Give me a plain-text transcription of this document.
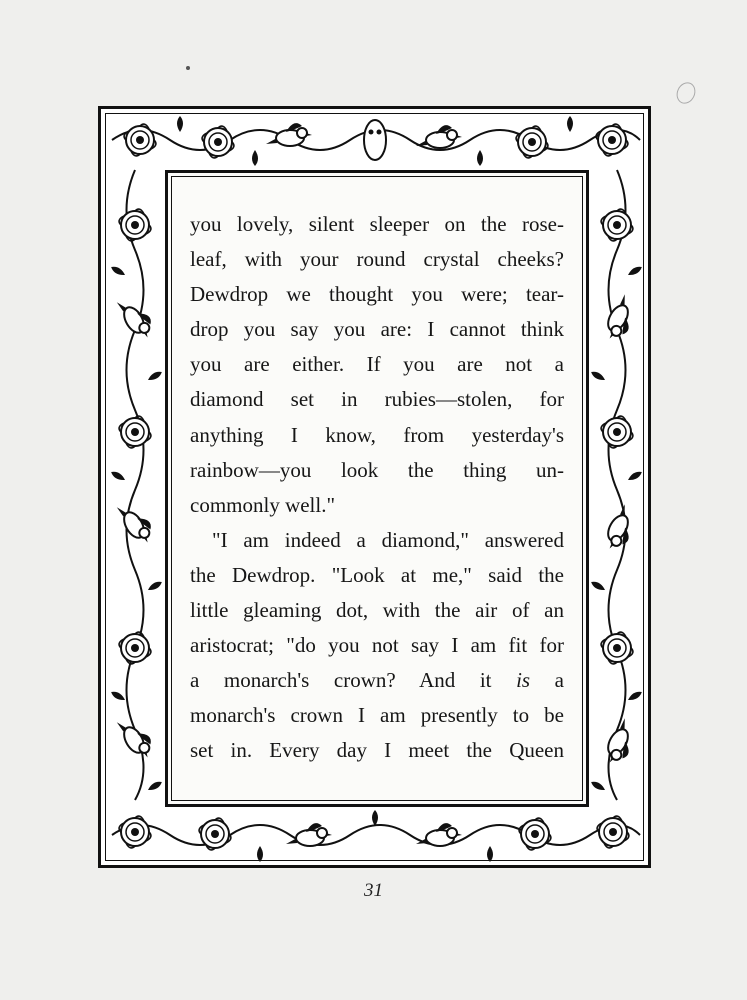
you lovely, silent sleeper on the rose-
leaf, with your round crystal cheeks?
Dewdrop we thought you were; tear-
drop you say you are: I cannot think
you are either. If you are not a
diamond set in rubies—stolen, for
anything I know, from yesterday's
rainbow—you look the thing un-
commonly well."
"I am indeed a diamond," answered
the Dewdrop. "Look at me," said the
little gleaming dot, with the air of an
aristocrat; "do you not say I am fit for
a monarch's crown? And it is a
monarch's crown I am presently to be
set in. Every day I meet the Queen
31
